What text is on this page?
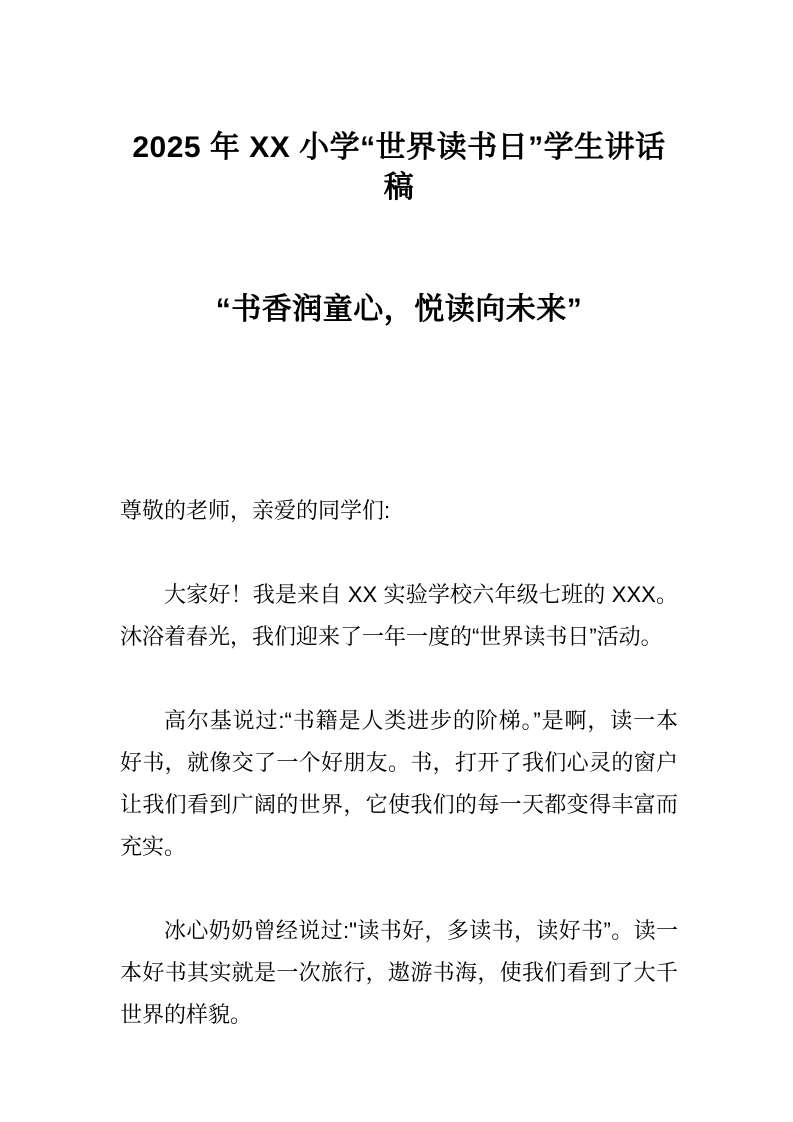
2025 年 XX 小学“世界读书日”学生讲话稿
“书香润童心，悦读向未来”

尊敬的老师，亲爱的同学们:

大家好！我是来自 XX 实验学校六年级七班的 XXX。沐浴着春光，我们迎来了一年一度的“世界读书日”活动。

高尔基说过:“书籍是人类进步的阶梯。”是啊，读一本好书，就像交了一个好朋友。书，打开了我们心灵的窗户让我们看到广阔的世界，它使我们的每一天都变得丰富而充实。

冰心奶奶曾经说过:"读书好，多读书，读好书”。读一本好书其实就是一次旅行，遨游书海，使我们看到了大千世界的样貌。
